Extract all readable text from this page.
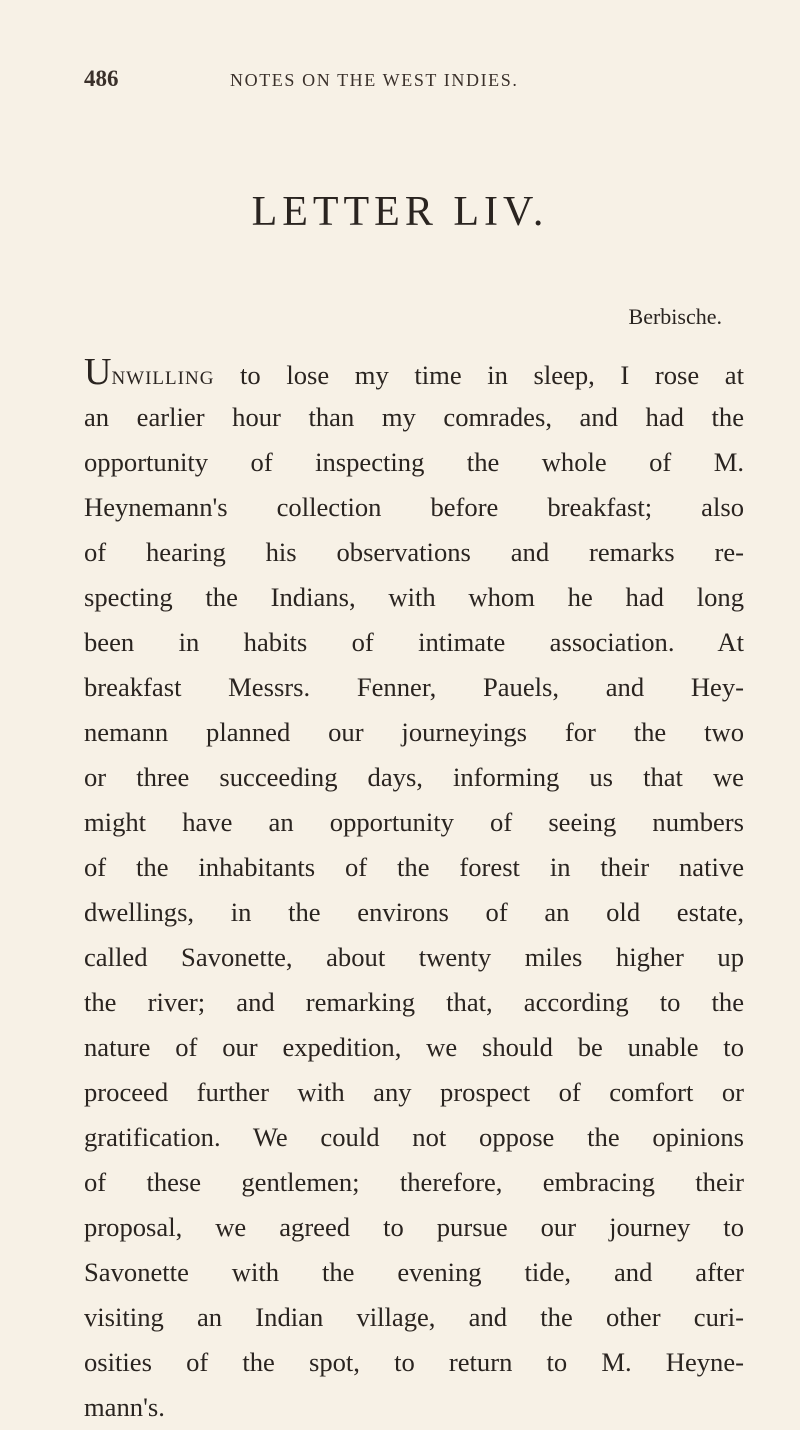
486	NOTES ON THE WEST INDIES.
LETTER LIV.
Berbische.
Unwilling to lose my time in sleep, I rose at
an earlier hour than my comrades, and had the
opportunity of inspecting the whole of M.
Heynemann's collection before breakfast; also
of hearing his observations and remarks re-
specting the Indians, with whom he had long
been in habits of intimate association. At
breakfast Messrs. Fenner, Pauels, and Hey-
nemann planned our journeyings for the two
or three succeeding days, informing us that we
might have an opportunity of seeing numbers
of the inhabitants of the forest in their native
dwellings, in the environs of an old estate,
called Savonette, about twenty miles higher up
the river; and remarking that, according to the
nature of our expedition, we should be unable to
proceed further with any prospect of comfort or
gratification. We could not oppose the opinions
of these gentlemen; therefore, embracing their
proposal, we agreed to pursue our journey to
Savonette with the evening tide, and after
visiting an Indian village, and the other curi-
osities of the spot, to return to M. Heyne-
mann's.
